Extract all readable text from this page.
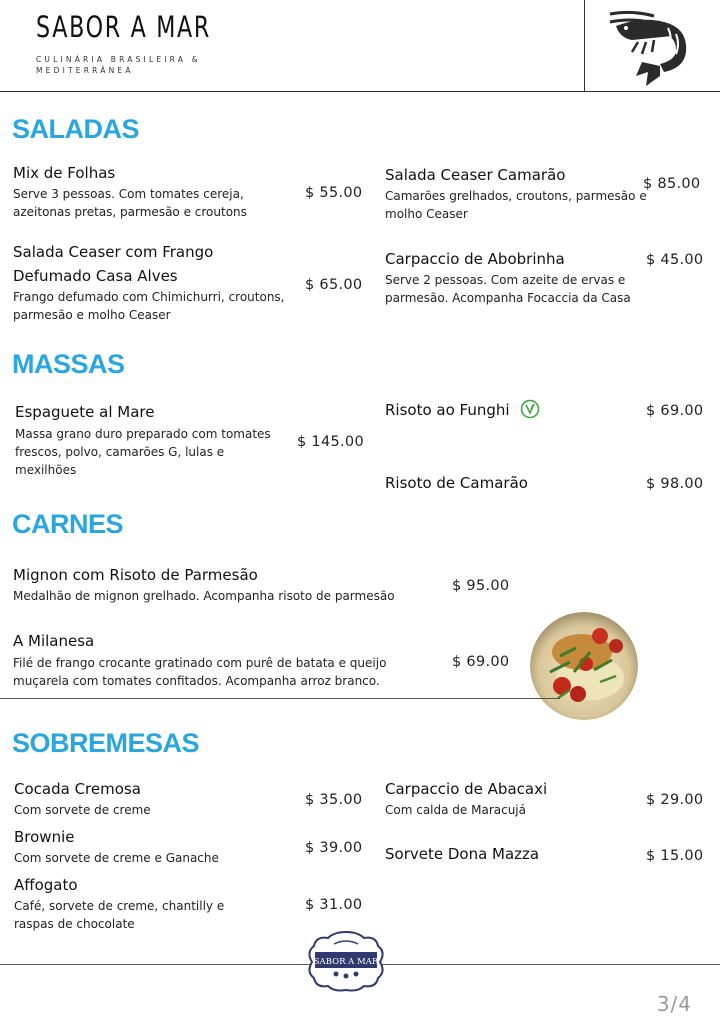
SABOR A MAR
CULINÁRIA BRASILEIRA & MEDITERRÂNEA
SALADAS
Mix de Folhas
Serve 3 pessoas. Com tomates cereja, azeitonas pretas, parmesão e croutons
$ 55.00
Salada Ceaser com Frango
Defumado Casa Alves
Frango defumado com Chimichurri, croutons, parmesão e molho Ceaser
$ 65.00
Salada Ceaser Camarão
Camarões grelhados, croutons, parmesão e molho Ceaser
$ 85.00
Carpaccio de Abobrinha
Serve 2 pessoas. Com azeite de ervas e parmesão. Acompanha Focaccia da Casa
$ 45.00
MASSAS
Espaguete al Mare
Massa grano duro preparado com tomates frescos, polvo, camarões G, lulas e mexilhões
$ 145.00
Risoto ao Funghi	$ 69.00
Risoto de Camarão	$ 98.00
CARNES
Mignon com Risoto de Parmesão
Medalhão de mignon grelhado. Acompanha risoto de parmesão
$ 95.00
A Milanesa
Filé de frango crocante gratinado com purê de batata e queijo muçarela com tomates confitados. Acompanha arroz branco.
$ 69.00
SOBREMESAS
Cocada Cremosa
Com sorvete de creme
$ 35.00
Brownie
Com sorvete de creme e Ganache
$ 39.00
Affogato
Café, sorvete de creme, chantilly e raspas de chocolate
$ 31.00
Carpaccio de Abacaxi
Com calda de Maracujá
$ 29.00
Sorvete Dona Mazza	$ 15.00
SABOR A MAR
3/4
